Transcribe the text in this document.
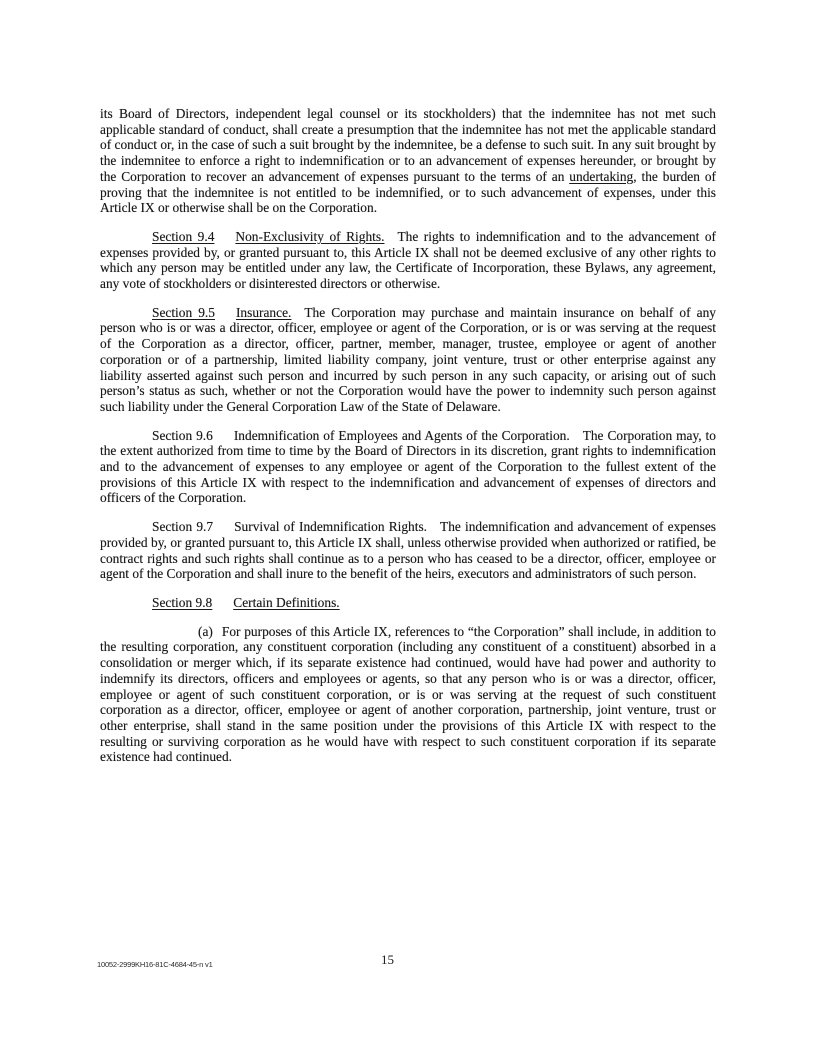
its Board of Directors, independent legal counsel or its stockholders) that the indemnitee has not met such applicable standard of conduct, shall create a presumption that the indemnitee has not met the applicable standard of conduct or, in the case of such a suit brought by the indemnitee, be a defense to such suit. In any suit brought by the indemnitee to enforce a right to indemnification or to an advancement of expenses hereunder, or brought by the Corporation to recover an advancement of expenses pursuant to the terms of an undertaking, the burden of proving that the indemnitee is not entitled to be indemnified, or to such advancement of expenses, under this Article IX or otherwise shall be on the Corporation.

Section 9.4 Non-Exclusivity of Rights. The rights to indemnification and to the advancement of expenses provided by, or granted pursuant to, this Article IX shall not be deemed exclusive of any other rights to which any person may be entitled under any law, the Certificate of Incorporation, these Bylaws, any agreement, any vote of stockholders or disinterested directors or otherwise.

Section 9.5 Insurance. The Corporation may purchase and maintain insurance on behalf of any person who is or was a director, officer, employee or agent of the Corporation, or is or was serving at the request of the Corporation as a director, officer, partner, member, manager, trustee, employee or agent of another corporation or of a partnership, limited liability company, joint venture, trust or other enterprise against any liability asserted against such person and incurred by such person in any such capacity, or arising out of such person’s status as such, whether or not the Corporation would have the power to indemnity such person against such liability under the General Corporation Law of the State of Delaware.

Section 9.6 Indemnification of Employees and Agents of the Corporation. The Corporation may, to the extent authorized from time to time by the Board of Directors in its discretion, grant rights to indemnification and to the advancement of expenses to any employee or agent of the Corporation to the fullest extent of the provisions of this Article IX with respect to the indemnification and advancement of expenses of directors and officers of the Corporation.

Section 9.7 Survival of Indemnification Rights. The indemnification and advancement of expenses provided by, or granted pursuant to, this Article IX shall, unless otherwise provided when authorized or ratified, be contract rights and such rights shall continue as to a person who has ceased to be a director, officer, employee or agent of the Corporation and shall inure to the benefit of the heirs, executors and administrators of such person.

Section 9.8 Certain Definitions.

(a) For purposes of this Article IX, references to “the Corporation” shall include, in addition to the resulting corporation, any constituent corporation (including any constituent of a constituent) absorbed in a consolidation or merger which, if its separate existence had continued, would have had power and authority to indemnify its directors, officers and employees or agents, so that any person who is or was a director, officer, employee or agent of such constituent corporation, or is or was serving at the request of such constituent corporation as a director, officer, employee or agent of another corporation, partnership, joint venture, trust or other enterprise, shall stand in the same position under the provisions of this Article IX with respect to the resulting or surviving corporation as he would have with respect to such constituent corporation if its separate existence had continued.

10052-2999KH16-81C-4684-45-n v1	15
